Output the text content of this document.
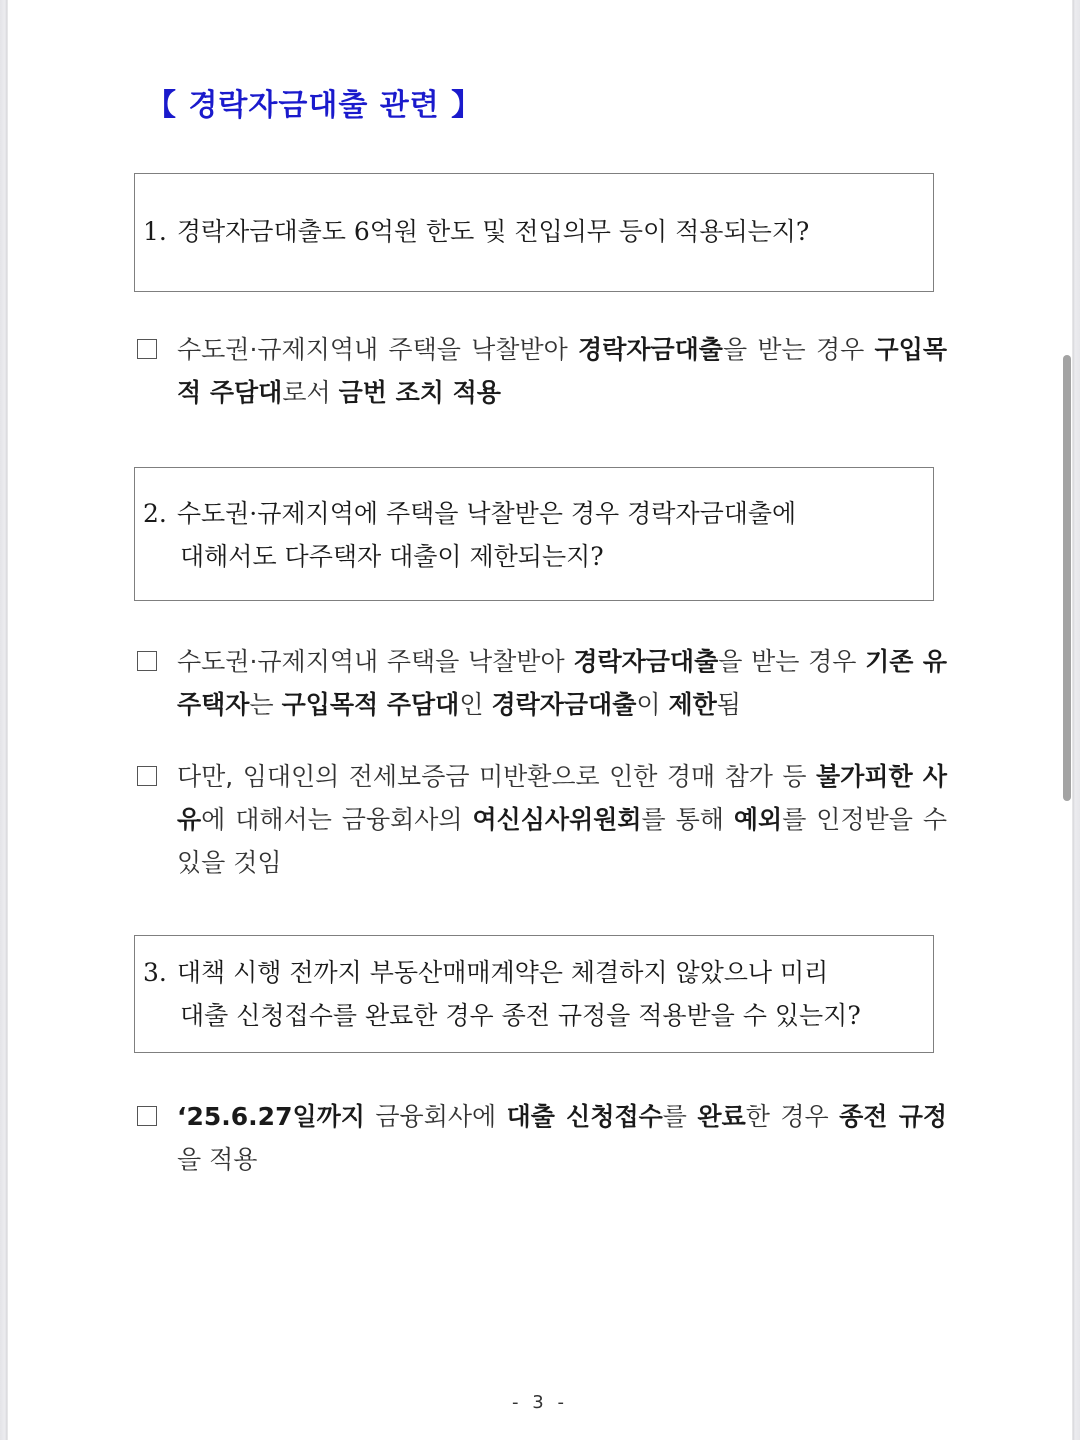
【 경락자금대출 관련 】
1. 경락자금대출도 6억원 한도 및 전입의무 등이 적용되는지?
수도권·규제지역내 주택을 낙찰받아 경락자금대출을 받는 경우 구입목적 주담대로서 금번 조치 적용
2. 수도권·규제지역에 주택을 낙찰받은 경우 경락자금대출에
대해서도 다주택자 대출이 제한되는지?
수도권·규제지역내 주택을 낙찰받아 경락자금대출을 받는 경우 기존 유주택자는 구입목적 주담대인 경락자금대출이 제한됨
다만, 임대인의 전세보증금 미반환으로 인한 경매 참가 등 불가피한 사유에 대해서는 금융회사의 여신심사위원회를 통해 예외를 인정받을 수 있을 것임
3. 대책 시행 전까지 부동산매매계약은 체결하지 않았으나 미리
대출 신청접수를 완료한 경우 종전 규정을 적용받을 수 있는지?
‘25.6.27일까지 금융회사에 대출 신청접수를 완료한 경우 종전 규정을 적용
- 3 -
